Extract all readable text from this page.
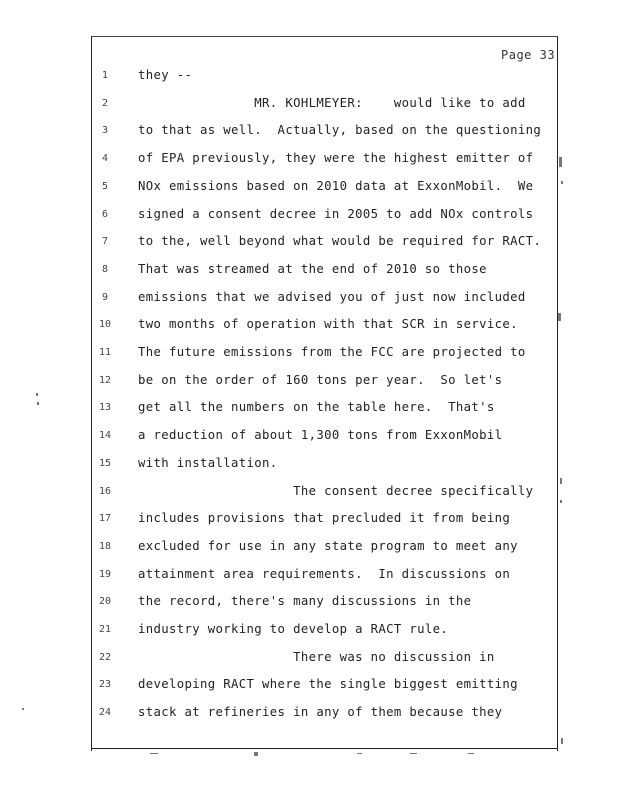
Page 33
1	they --
2	MR. KOHLMEYER:    would like to add
3	to that as well.  Actually, based on the questioning
4	of EPA previously, they were the highest emitter of
5	NOx emissions based on 2010 data at ExxonMobil.  We
6	signed a consent decree in 2005 to add NOx controls
7	to the, well beyond what would be required for RACT.
8	That was streamed at the end of 2010 so those
9	emissions that we advised you of just now included
10 two months of operation with that SCR in service.
11 The future emissions from the FCC are projected to
12 be on the order of 160 tons per year.  So let's
13 get all the numbers on the table here.  That's
14 a reduction of about 1,300 tons from ExxonMobil
15 with installation.
16 The consent decree specifically
17 includes provisions that precluded it from being
18 excluded for use in any state program to meet any
19 attainment area requirements.  In discussions on
20 the record, there's many discussions in the
21 industry working to develop a RACT rule.
22 There was no discussion in
23 developing RACT where the single biggest emitting
24 stack at refineries in any of them because they
